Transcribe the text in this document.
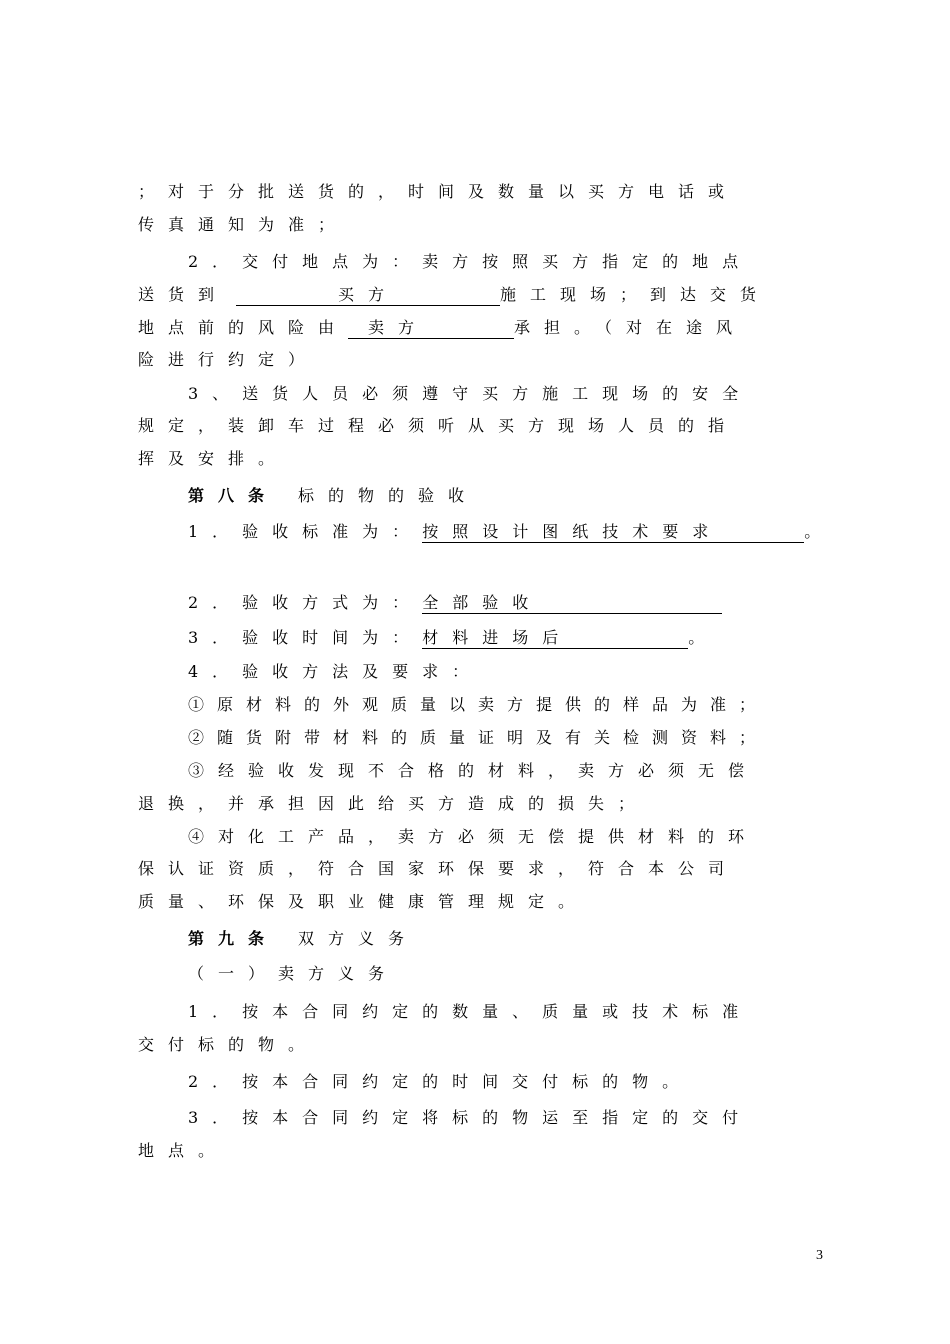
；对于分批送货的，时间及数量以买方电话或
传真通知为准；
2．交付地点为：卖方按照买方指定的地点
送货到	买方	施工现场；到达交货
地点前的风险由 卖方	承担。（对在途风
险进行约定）
3、送货人员必须遵守买方施工现场的安全
规定，装卸车过程必须听从买方现场人员的指
挥及安排。
第八条 标的物的验收
1．验收标准为：按照设计图纸技术要求	。
2．验收方式为：全部验收
3．验收时间为：材料进场后	。
4．验收方法及要求：
①原材料的外观质量以卖方提供的样品为准；
②随货附带材料的质量证明及有关检测资料；
③经验收发现不合格的材料，卖方必须无偿
退换，并承担因此给买方造成的损失；
④对化工产品，卖方必须无偿提供材料的环
保认证资质，符合国家环保要求，符合本公司
质量、环保及职业健康管理规定。
第九条 双方义务
（一）卖方义务
1．按本合同约定的数量、质量或技术标准
交付标的物。
2．按本合同约定的时间交付标的物。
3．按本合同约定将标的物运至指定的交付
地点。
3
